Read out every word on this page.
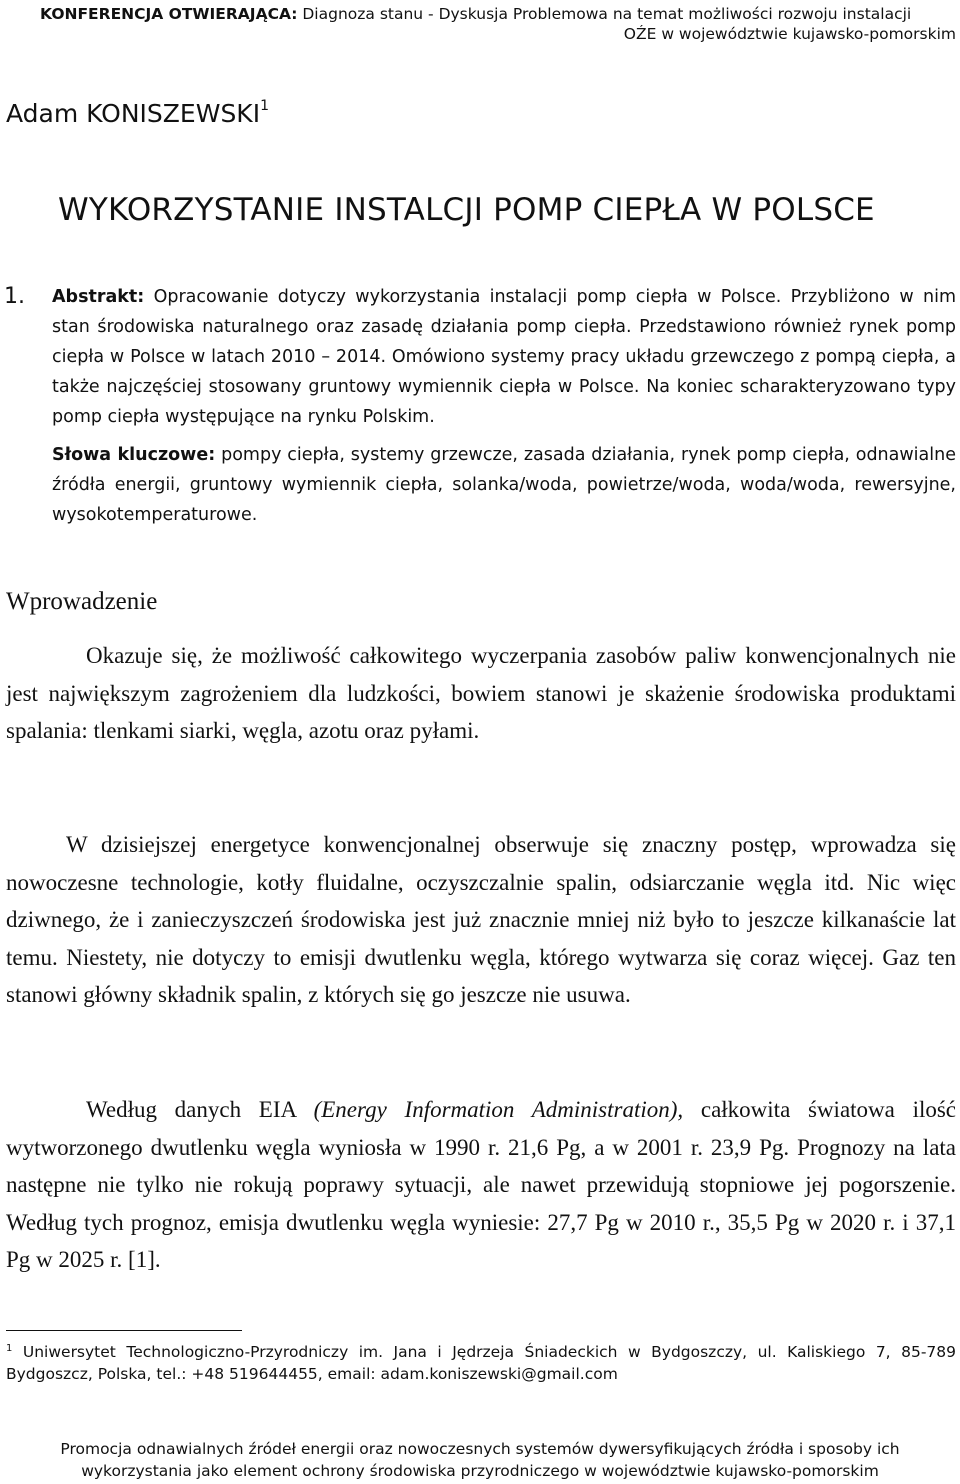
KONFERENCJA OTWIERAJĄCA: Diagnoza stanu - Dyskusja Problemowa na temat możliwości rozwoju instalacji
OŹE w województwie kujawsko-pomorskim
Adam KONISZEWSKI$^1$
WYKORZYSTANIE INSTALCJI POMP CIEPŁA W POLSCE
1. Abstrakt: Opracowanie dotyczy wykorzystania instalacji pomp ciepła w Polsce. Przybliżono w nim stan środowiska naturalnego oraz zasadę działania pomp ciepła. Przedstawiono również rynek pomp ciepła w Polsce w latach 2010 – 2014. Omówiono systemy pracy układu grzewczego z pompą ciepła, a także najczęściej stosowany gruntowy wymiennik ciepła w Polsce. Na koniec scharakteryzowano typy pomp ciepła występujące na rynku Polskim.
Słowa kluczowe: pompy ciepła, systemy grzewcze, zasada działania, rynek pomp ciepła, odnawialne źródła energii, gruntowy wymiennik ciepła, solanka/woda, powietrze/woda, woda/woda, rewersyjne, wysokotemperaturowe.
Wprowadzenie
Okazuje się, że możliwość całkowitego wyczerpania zasobów paliw konwencjonalnych nie jest największym zagrożeniem dla ludzkości, bowiem stanowi je skażenie środowiska produktami spalania: tlenkami siarki, węgla, azotu oraz pyłami.
W dzisiejszej energetyce konwencjonalnej obserwuje się znaczny postęp, wprowadza się nowoczesne technologie, kotły fluidalne, oczyszczalnie spalin, odsiarczanie węgla itd. Nic więc dziwnego, że i zanieczyszczeń środowiska jest już znacznie mniej niż było to jeszcze kilkanaście lat temu. Niestety, nie dotyczy to emisji dwutlenku węgla, którego wytwarza się coraz więcej. Gaz ten stanowi główny składnik spalin, z których się go jeszcze nie usuwa.
Według danych EIA (Energy Information Administration), całkowita światowa ilość wytworzonego dwutlenku węgla wyniosła w 1990 r. 21,6 Pg, a w 2001 r. 23,9 Pg. Prognozy na lata następne nie tylko nie rokują poprawy sytuacji, ale nawet przewidują stopniowe jej pogorszenie. Według tych prognoz, emisja dwutlenku węgla wyniesie: 27,7 Pg w 2010 r., 35,5 Pg w 2020 r. i 37,1 Pg w 2025 r. [1].
$^1$ Uniwersytet Technologiczno-Przyrodniczy im. Jana i Jędrzeja Śniadeckich w Bydgoszczy, ul. Kaliskiego 7, 85-789 Bydgoszcz, Polska, tel.: +48 519644455, email: adam.koniszewski@gmail.com
Promocja odnawialnych źródeł energii oraz nowoczesnych systemów dywersyfikujących źródła i sposoby ich
wykorzystania jako element ochrony środowiska przyrodniczego w województwie kujawsko-pomorskim
